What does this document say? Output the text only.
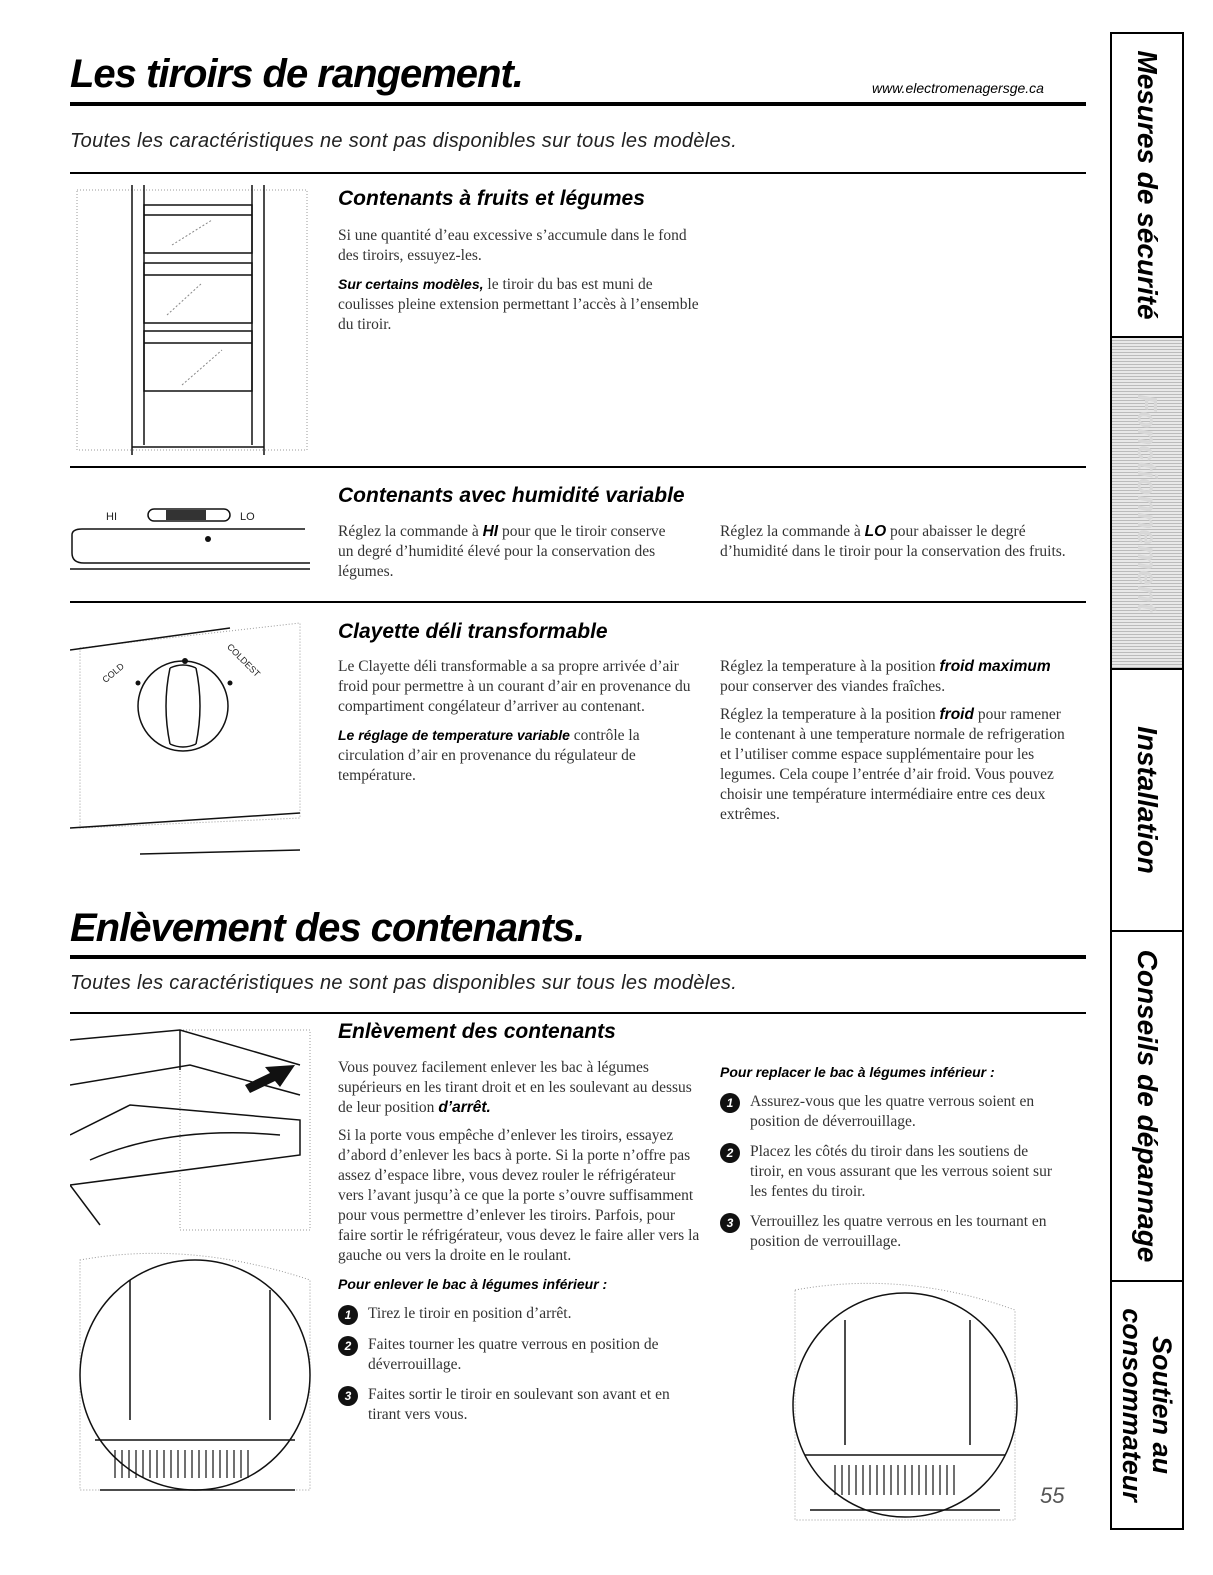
Les tiroirs de rangement.	www.electromenagersge.ca
Toutes les caractéristiques ne sont pas disponibles sur tous les modèles.
Contenants à fruits et légumes

Si une quantité d’eau excessive s’accumule dans le fond des tiroirs, essuyez-les.

Sur certains modèles, le tiroir du bas est muni de coulisses pleine extension permettant l’accès à l’ensemble du tiroir.

HI	LO
Contenants avec humidité variable

Réglez la commande à HI pour que le tiroir conserve un degré d’humidité élevé pour la conservation des légumes.

Réglez la commande à LO pour abaisser le degré d’humidité dans le tiroir pour la conservation des fruits.

COLD	COLDEST
Clayette déli transformable

Le Clayette déli transformable a sa propre arrivée d’air froid pour permettre à un courant d’air en provenance du compartiment congélateur d’arriver au contenant.

Le réglage de temperature variable contrôle la circulation d’air en provenance du régulateur de température.

Réglez la temperature à la position froid maximum pour conserver des viandes fraîches.

Réglez la temperature à la position froid pour ramener le contenant à une temperature normale de refrigeration et l’utiliser comme espace supplémentaire pour les legumes. Cela coupe l’entrée d’air froid. Vous pouvez choisir une température intermédiaire entre ces deux extrêmes.

Enlèvement des contenants.
Toutes les caractéristiques ne sont pas disponibles sur tous les modèles.
Enlèvement des contenants

Vous pouvez facilement enlever les bac à légumes supérieurs en les tirant droit et en les soulevant au dessus de leur position d’arrêt.

Si la porte vous empêche d’enlever les tiroirs, essayez d’abord d’enlever les bacs à porte. Si la porte n’offre pas assez d’espace libre, vous devez rouler le réfrigérateur vers l’avant jusqu’à ce que la porte s’ouvre suffisamment pour vous permettre d’enlever les tiroirs. Parfois, pour faire sortir le réfrigérateur, vous devez le faire aller vers la gauche ou vers la droite en le roulant.

Pour enlever le bac à légumes inférieur :
1	Tirez le tiroir en position d’arrêt.
2	Faites tourner les quatre verrous en position de déverrouillage.
3	Faites sortir le tiroir en soulevant son avant et en tirant vers vous.
Pour replacer le bac à légumes inférieur :
1	Assurez-vous que les quatre verrous soient en position de déverrouillage.
2	Placez les côtés du tiroir dans les soutiens de tiroir, en vous assurant que les verrous soient sur les fentes du tiroir.
3	Verrouillez les quatre verrous en les tournant en position de verrouillage.
55
Mesures de sécurité
Fonctionnement
Installation
Conseils de dépannage
Soutien au consommateur
